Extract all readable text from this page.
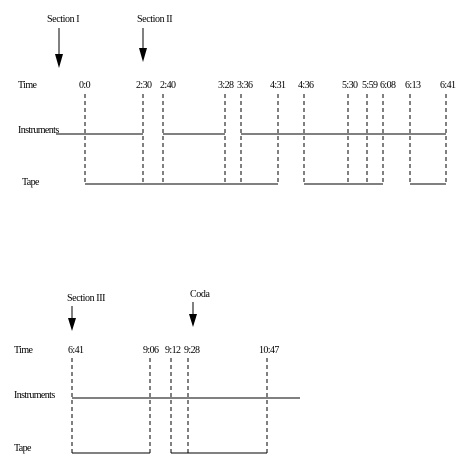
Section I	Section II
Time
Instruments
Tape
0:0	2:30 2:40	3:28 3:36 4:31 4:36	5:30 5:59 6:08 6:13 6:41
Section III	Coda
Time
Instruments
Tape
6:41	9:06 9:12 9:28	10:47
